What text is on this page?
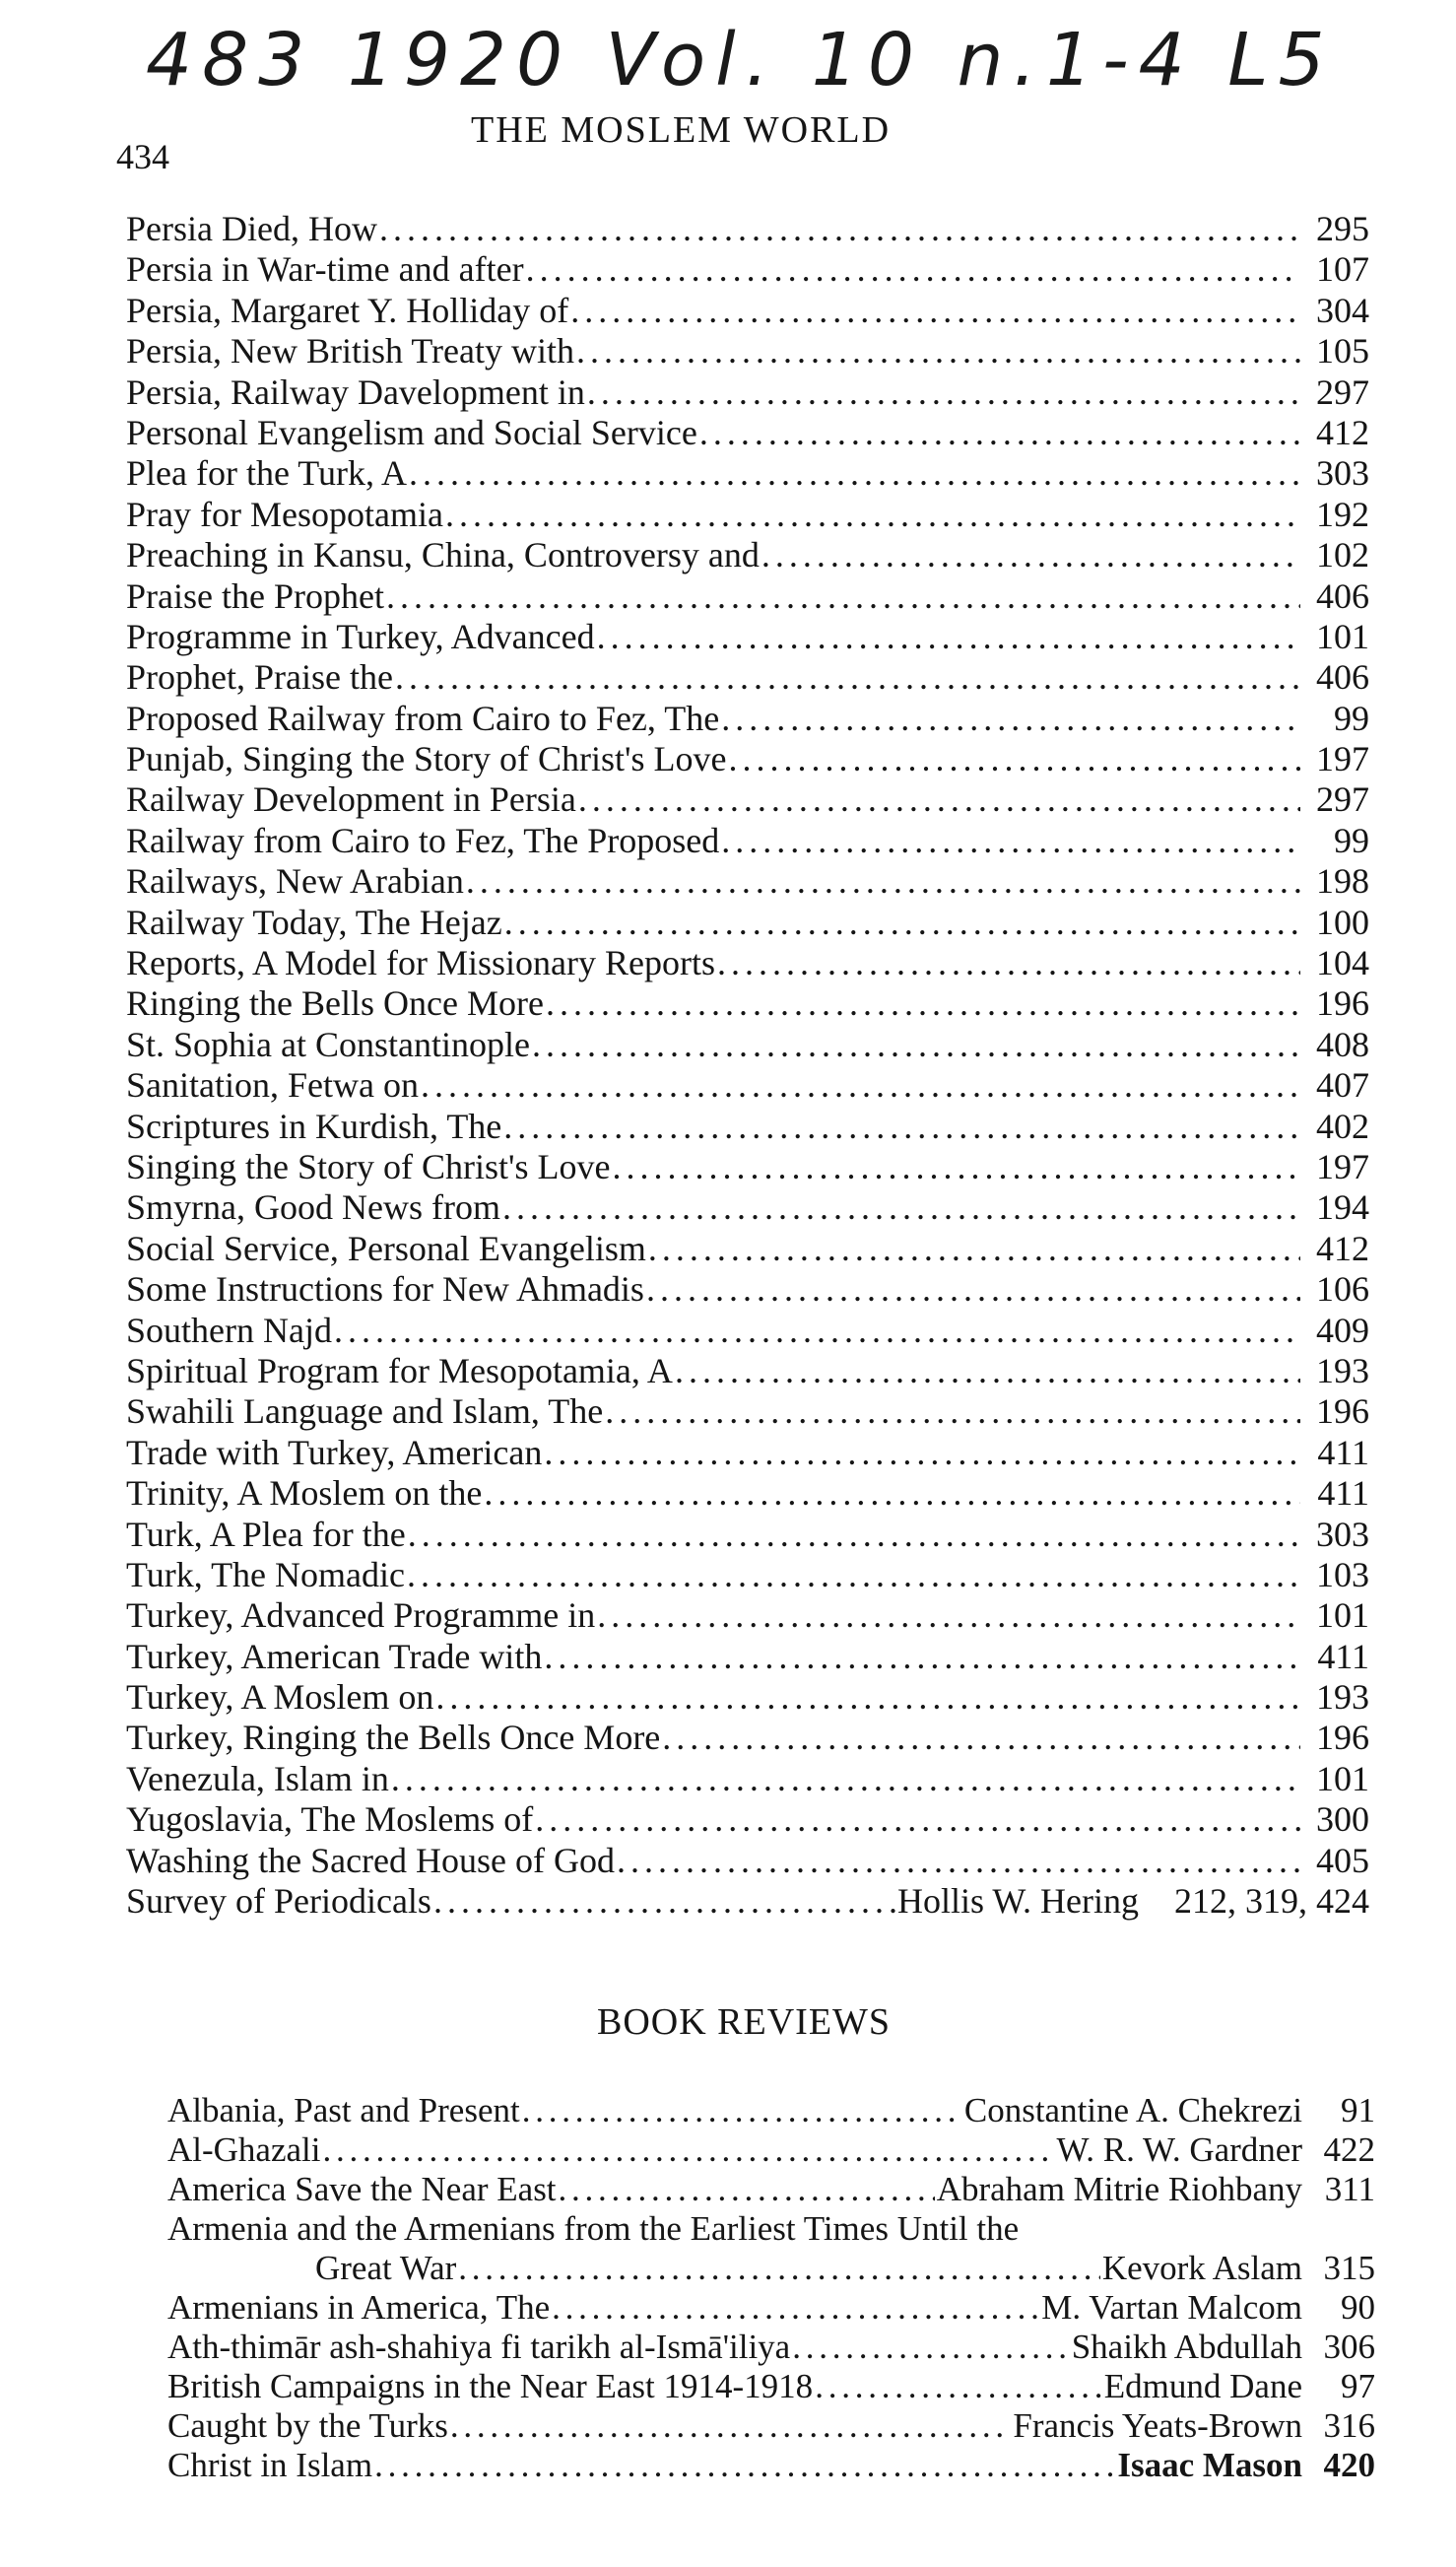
483 1920 Vol. 10 n.1-4 L5
434
THE MOSLEM WORLD
Persia Died, How . . .	295
Persia in War-time and after . . .	107
Persia, Margaret Y. Holliday of . . .	304
Persia, New British Treaty with . . .	105
Persia, Railway Davelopment in . . .	297
Personal Evangelism and Social Service . . .	412
Plea for the Turk, A . . .	303
Pray for Mesopotamia . . .	192
Preaching in Kansu, China, Controversy and . . .	102
Praise the Prophet . . .	406
Programme in Turkey, Advanced . . .	101
Prophet, Praise the . . .	406
Proposed Railway from Cairo to Fez, The . . .	99
Punjab, Singing the Story of Christ's Love . . .	197
Railway Development in Persia . . .	297
Railway from Cairo to Fez, The Proposed . . .	99
Railways, New Arabian . . .	198
Railway Today, The Hejaz . . .	100
Reports, A Model for Missionary Reports . . .	104
Ringing the Bells Once More . . .	196
St. Sophia at Constantinople . . .	408
Sanitation, Fetwa on . . .	407
Scriptures in Kurdish, The . . .	402
Singing the Story of Christ's Love . . .	197
Smyrna, Good News from . . .	194
Social Service, Personal Evangelism . . .	412
Some Instructions for New Ahmadis . . .	106
Southern Najd . . .	409
Spiritual Program for Mesopotamia, A . . .	193
Swahili Language and Islam, The . . .	196
Trade with Turkey, American . . .	411
Trinity, A Moslem on the . . .	411
Turk, A Plea for the . . .	303
Turk, The Nomadic . . .	103
Turkey, Advanced Programme in . . .	101
Turkey, American Trade with . . .	411
Turkey, A Moslem on . . .	193
Turkey, Ringing the Bells Once More . . .	196
Venezula, Islam in . . .	101
Yugoslavia, The Moslems of . . .	300
Washing the Sacred House of God . . .	405
Survey of Periodicals . . .	Hollis W. Hering 212, 319, 424
BOOK REVIEWS
Albania, Past and Present . . .	Constantine A. Chekrezi	91
Al-Ghazali . . .	W. R. W. Gardner 422
America Save the Near East . . .	Abraham Mitrie Riohbany 311
Armenia and the Armenians from the Earliest Times Until the
Great War . . .	Kevork Aslam 315
Armenians in America, The . . .	M. Vartan Malcom	90
Ath-thimār ash-shahiya fi tarikh al-Ismā'iliya . . .	Shaikh Abdullah 306
British Campaigns in the Near East 1914-1918 . . .	Edmund Dane	97
Caught by the Turks . . .	Francis Yeats-Brown 316
Christ in Islam . . .	Isaac Mason 420
